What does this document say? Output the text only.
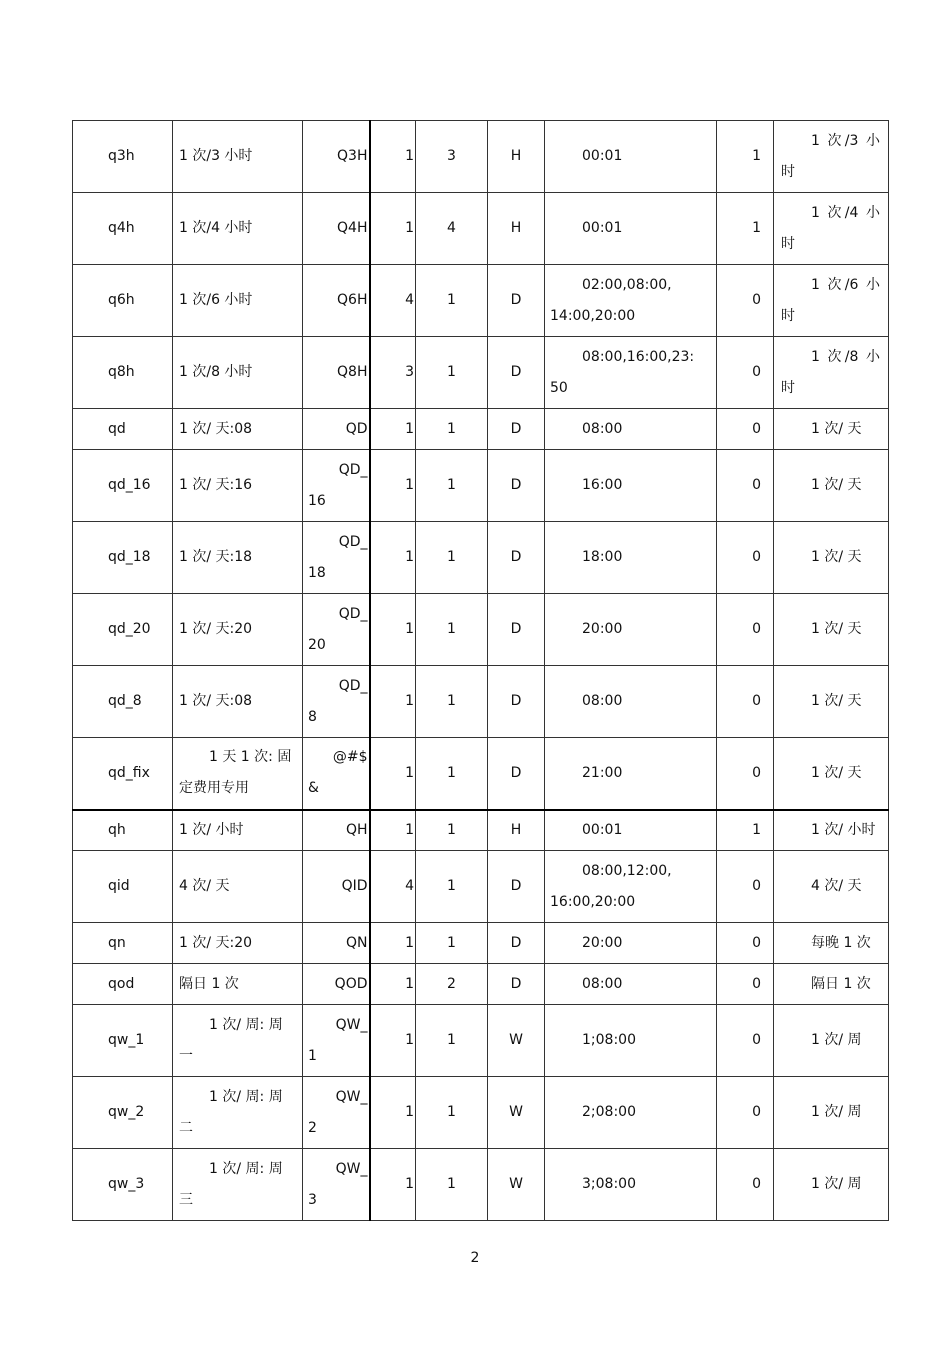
q3h	1 次/3 小时	Q3H	1	3	H	00:01	1	1 次/3 小
时

q4h	1 次/4 小时	Q4H	1	4	H	00:01	1	1 次/4 小
时

q6h	1 次/6 小时	Q6H	4	1	D	02:00,08:00,
14:00,20:00	0	1 次/6 小
时

q8h	1 次/8 小时	Q8H	3	1	D	08:00,16:00,23:
50	0	1 次/8 小
时

qd	1 次/ 天:08	QD	1	1	D	08:00	0	1 次/ 天

qd_16	1 次/ 天:16	QD_
16	1	1	D	16:00	0	1 次/ 天

qd_18	1 次/ 天:18	QD_
18	1	1	D	18:00	0	1 次/ 天

qd_20	1 次/ 天:20	QD_
20	1	1	D	20:00	0	1 次/ 天

qd_8	1 次/ 天:08	QD_
8	1	1	D	08:00	0	1 次/ 天

qd_fix	1 天 1 次: 固
定费用专用	@#$
&	1	1	D	21:00	0	1 次/ 天

qh	1 次/ 小时	QH	1	1	H	00:01	1	1 次/ 小时

qid	4 次/ 天	QID	4	1	D	08:00,12:00,
16:00,20:00	0	4 次/ 天

qn	1 次/ 天:20	QN	1	1	D	20:00	0	每晚 1 次

qod	隔日 1 次	QOD	1	2	D	08:00	0	隔日 1 次

qw_1	1 次/ 周: 周
一	QW_
1	1	1	W	1;08:00	0	1 次/ 周

qw_2	1 次/ 周: 周
二	QW_
2	1	1	W	2;08:00	0	1 次/ 周

qw_3	1 次/ 周: 周
三	QW_
3	1	1	W	3;08:00	0	1 次/ 周
2
